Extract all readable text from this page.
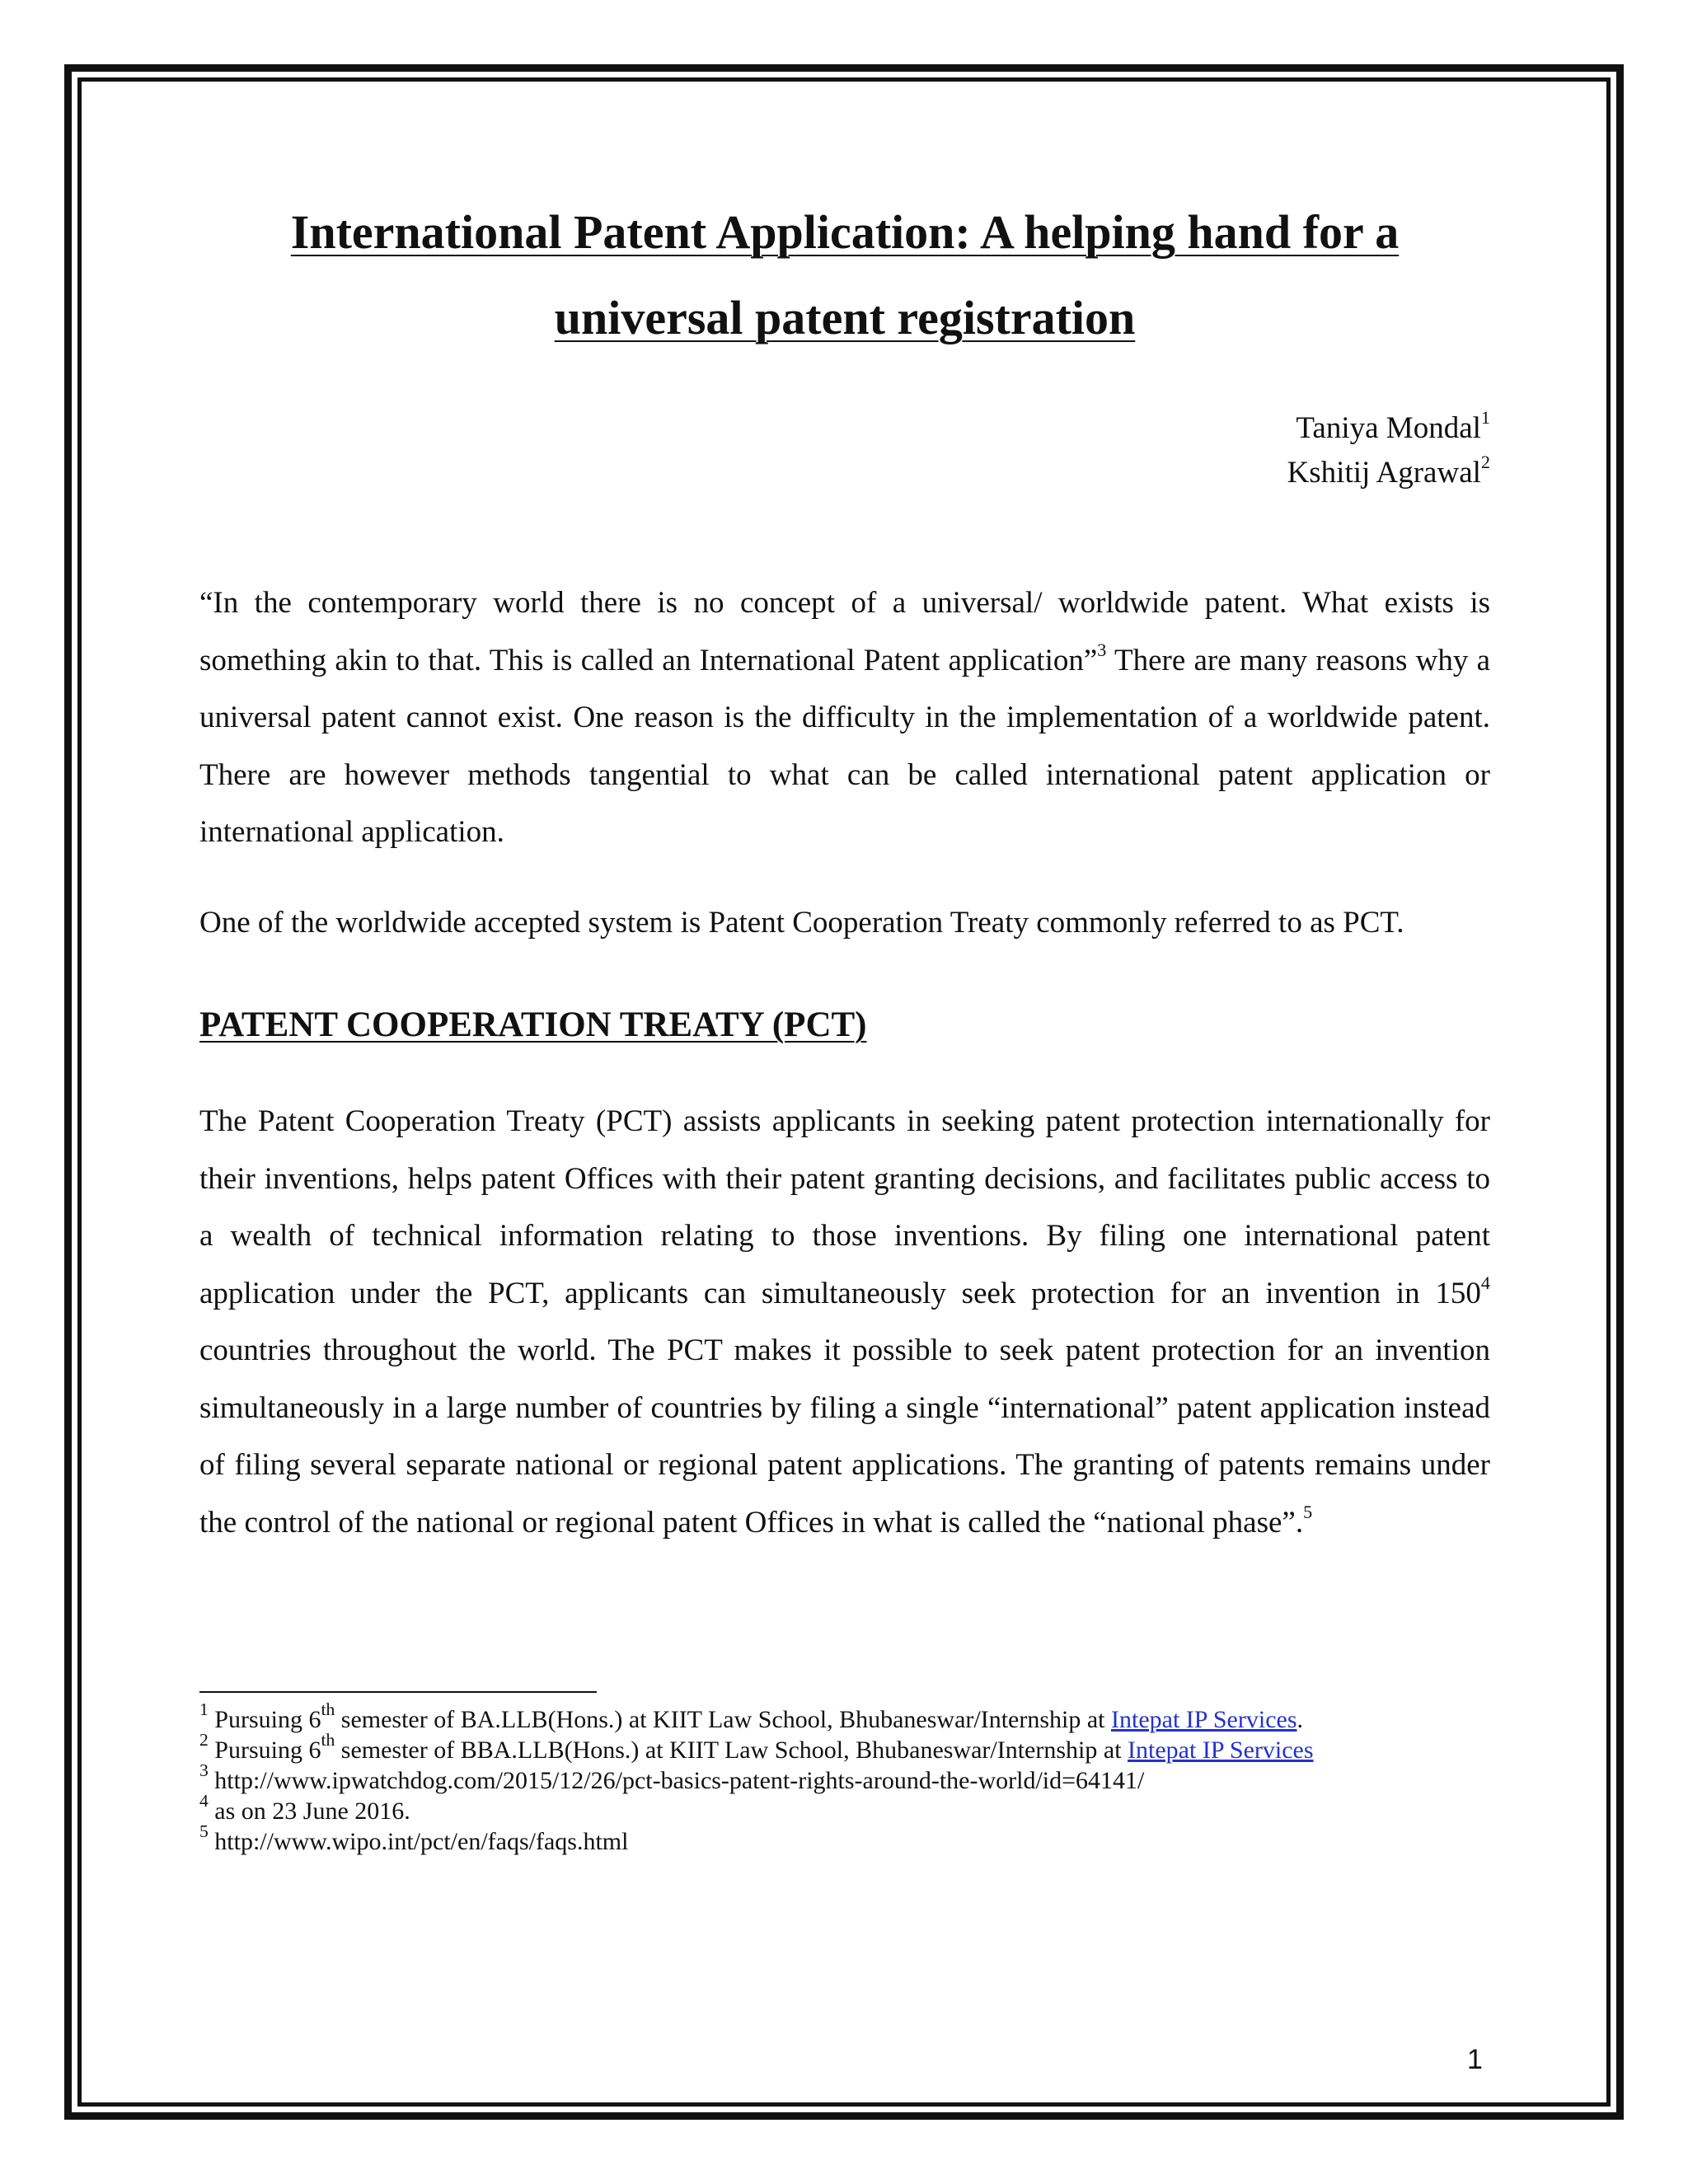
International Patent Application: A helping hand for a
universal patent registration
Taniya Mondal$^1$
Kshitij Agrawal$^2$

“In the contemporary world there is no concept of a universal/ worldwide patent. What exists is something akin to that. This is called an International Patent application”$^3$ There are many reasons why a universal patent cannot exist. One reason is the difficulty in the implementation of a worldwide patent. There are however methods tangential to what can be called international patent application or international application.

One of the worldwide accepted system is Patent Cooperation Treaty commonly referred to as PCT.

PATENT COOPERATION TREATY (PCT)

The Patent Cooperation Treaty (PCT) assists applicants in seeking patent protection internationally for their inventions, helps patent Offices with their patent granting decisions, and facilitates public access to a wealth of technical information relating to those inventions. By filing one international patent application under the PCT, applicants can simultaneously seek protection for an invention in $150^4$ countries throughout the world. The PCT makes it possible to seek patent protection for an invention simultaneously in a large number of countries by filing a single “international” patent application instead of filing several separate national or regional patent applications. The granting of patents remains under the control of the national or regional patent Offices in what is called the “national phase”.$^5$

$^1$ Pursuing 6th semester of BA.LLB(Hons.) at KIIT Law School, Bhubaneswar/Internship at Intepat IP Services.
$^2$ Pursuing 6th semester of BBA.LLB(Hons.) at KIIT Law School, Bhubaneswar/Internship at Intepat IP Services
$^3$ http://www.ipwatchdog.com/2015/12/26/pct-basics-patent-rights-around-the-world/id=64141/
$^4$ as on 23 June 2016.
$^5$ http://www.wipo.int/pct/en/faqs/faqs.html
1
